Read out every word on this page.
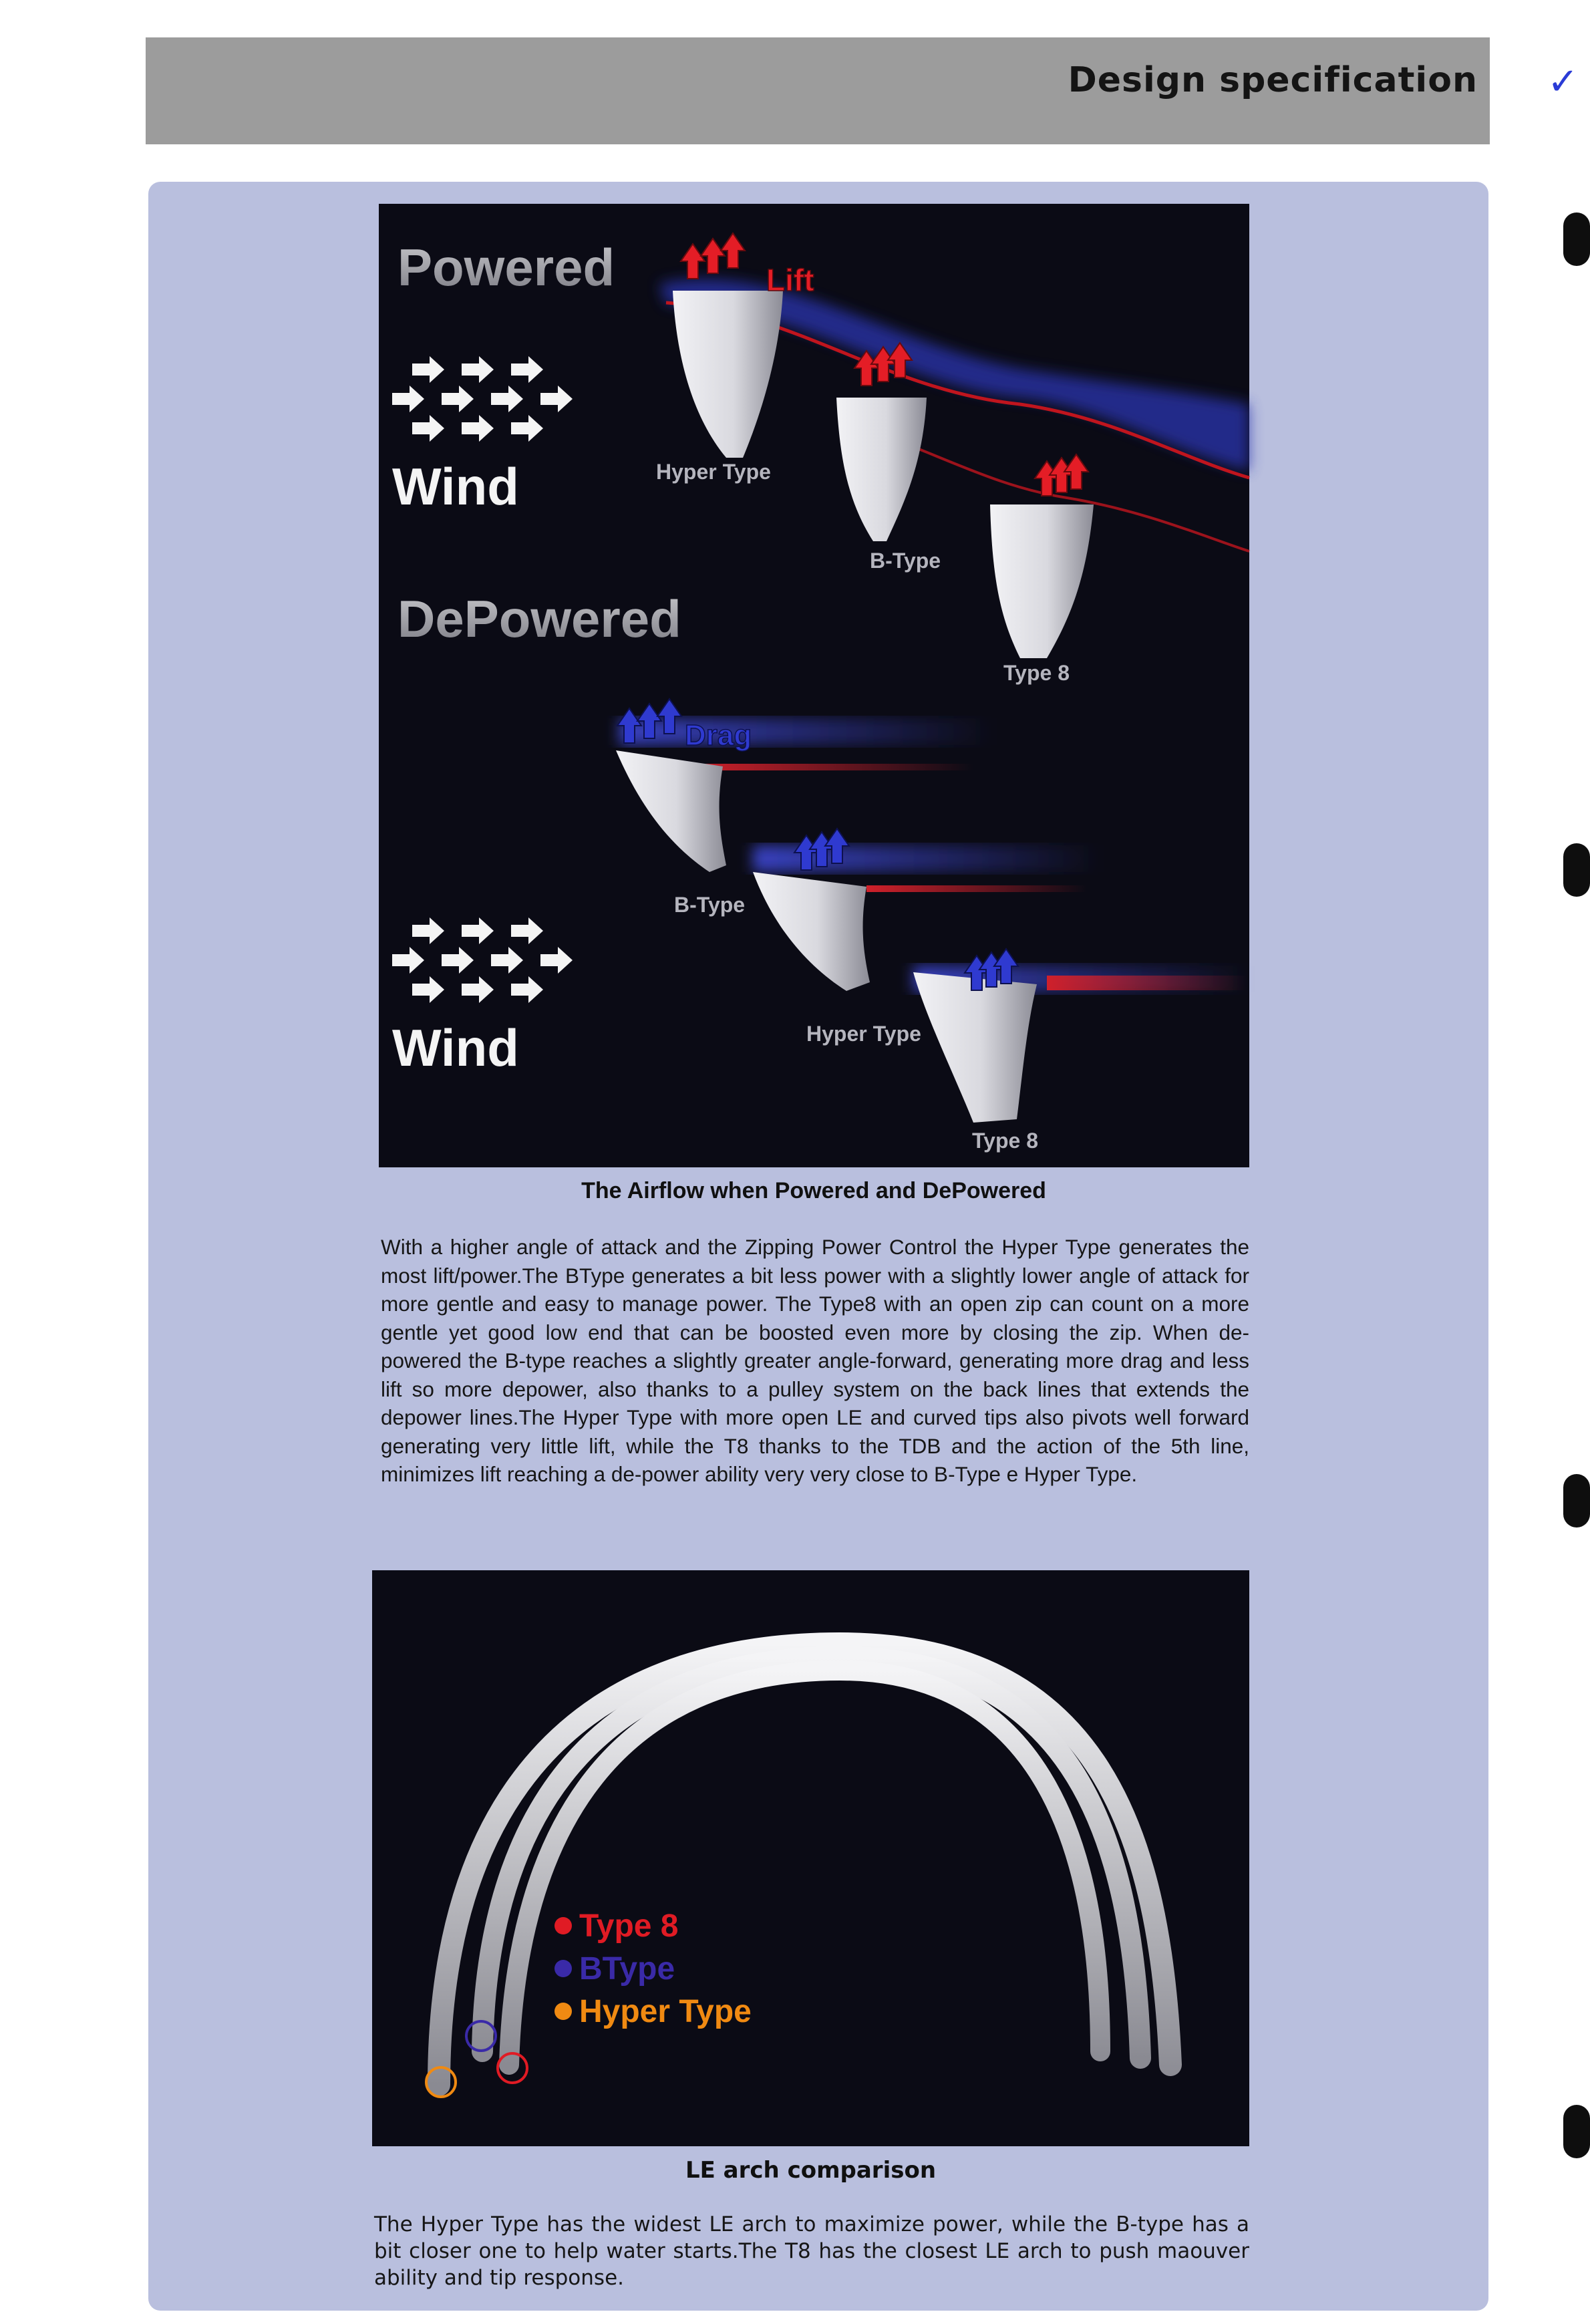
Design specification ✓
Powered
Wind
DePowered
Wind
Lift
Drag
Hyper Type
B-Type
Type 8
B-Type
Hyper Type
Type 8
The Airflow when Powered and DePowered
With a higher angle of attack and the Zipping Power Control the Hyper Type generates the most lift/power.The BType generates a bit less power with a slightly lower angle of attack for more gentle and easy to manage power. The Type8 with an open zip can count on a more gentle yet good low end that can be boosted even more by closing the zip. When de-powered the B-type reaches a slightly greater angle-forward, generating more drag and less lift so more depower, also thanks to a pulley system on the back lines that extends the depower lines.The Hyper Type with more open LE and curved tips also pivots well forward generating very little lift, while the T8 thanks to the TDB and the action of the 5th line, minimizes lift reaching a de-power ability very very close to B-Type e Hyper Type.
Type 8
BType
Hyper Type
LE arch comparison
The Hyper Type has the widest LE arch to maximize power, while the B-type has a bit closer one to help water starts.The T8 has the closest LE arch to push maouver ability and tip response.
